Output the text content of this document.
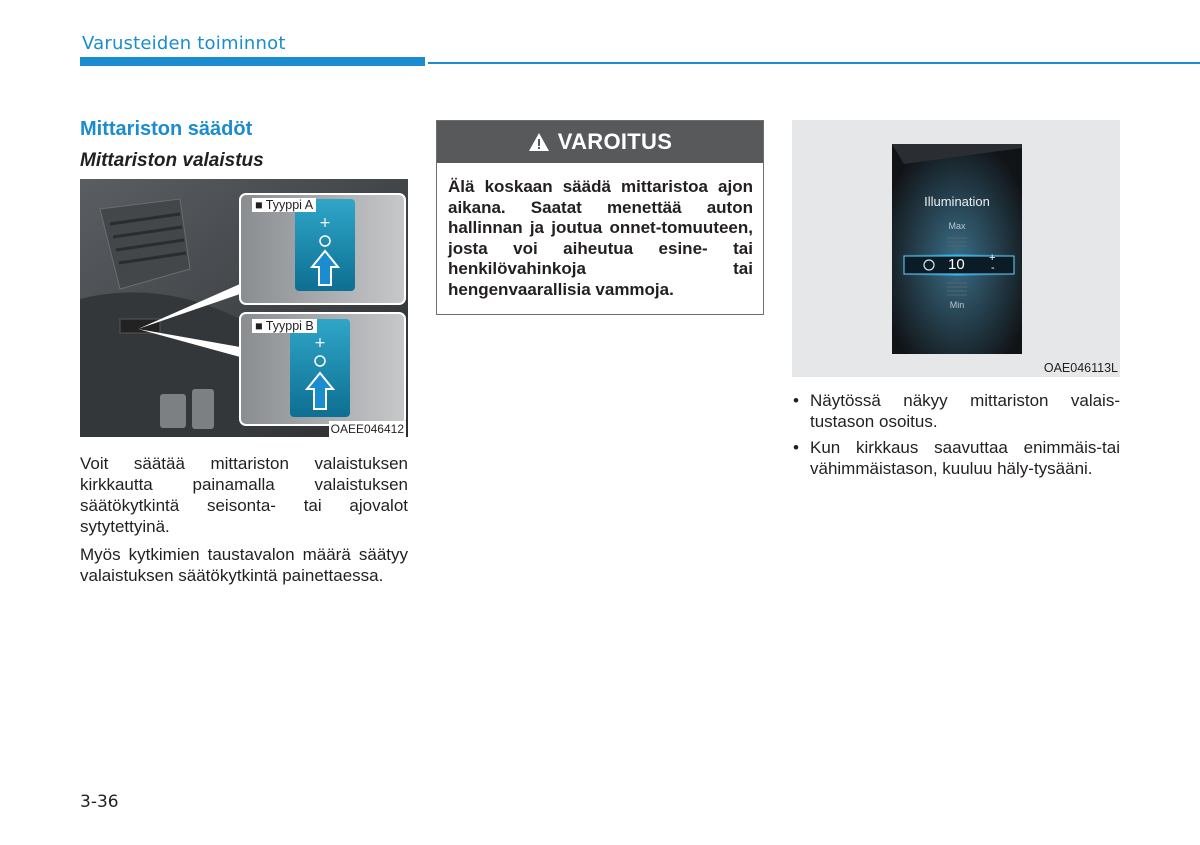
Varusteiden toiminnot
Mittariston säädöt
Mittariston valaistus
+
+
■ Tyyppi A
■ Tyyppi B
OAEE046412

Voit säätää mittariston valaistuksen kirkkautta painamalla valaistuksen säätökytkintä seisonta- tai ajovalot sytytettyinä.

Myös kytkimien taustavalon määrä säätyy valaistuksen säätökytkintä painettaessa.

VAROITUS
Älä koskaan säädä mittaristoa ajon aikana. Saatat menettää auton hallinnan ja joutua onnet-tomuuteen, josta voi aiheutua esine- tai henkilövahinkoja tai hengenvaarallisia vammoja.
Illumination
Max
10 +
-
Min
OAE046113L
• Näytössä näkyy mittariston valais-tustason osoitus.
• Kun kirkkaus saavuttaa enimmäis-tai vähimmäistason, kuuluu häly-tysääni.
3-36
